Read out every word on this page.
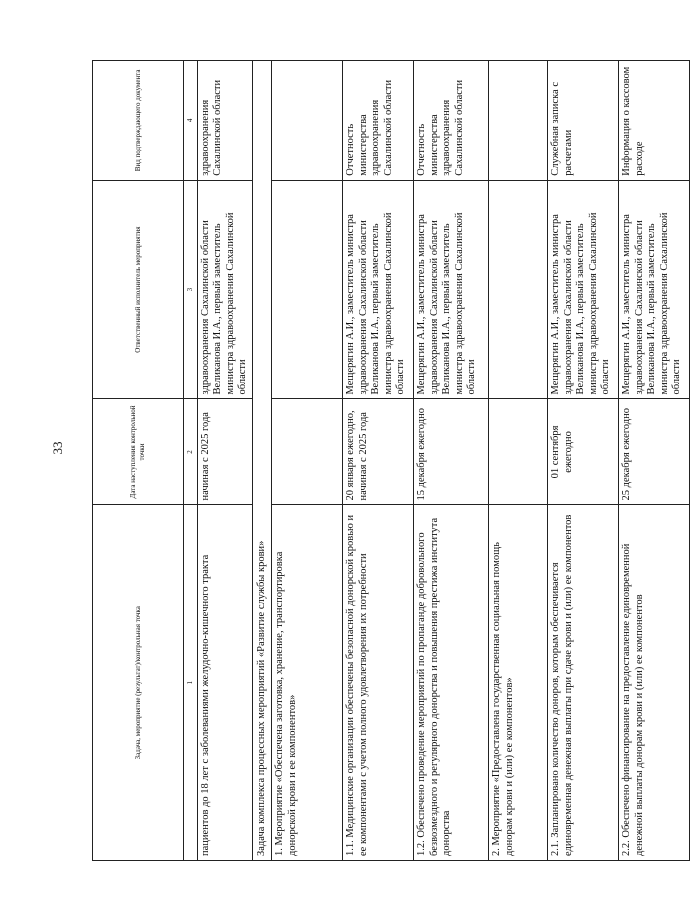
33
Задача, мероприятие (результат)/контрольная точка	Дата наступления контрольной точки	Ответственный исполнитель мероприятия	Вид подтверждающего документа
1	2	3	4
пациентов до 18 лет с заболеваниями желудочно-кишечного тракта	начиная с 2025 года	здравоохранения Сахалинской области Великанова И.А., первый заместитель министра здравоохранения Сахалинской области	здравоохранения Сахалинской области
Задача комплекса процессных мероприятий «Развитие службы крови»			
1. Мероприятие «Обеспечена заготовка, хранение, транспортировка донорской крови и ее компонентов»			
1.1. Медицинские организации обеспечены безопасной донорской кровью и ее компонентами с учетом полного удовлетворения их потребности	20 января ежегодно, начиная с 2025 года	Мещерягин А.И., заместитель министра здравоохранения Сахалинской области Великанова И.А., первый заместитель министра здравоохранения Сахалинской области	Отчетность министерства здравоохранения Сахалинской области
1.2. Обеспечено проведение мероприятий по пропаганде добровольного безвозмездного и регулярного донорства и повышения престижа института донорства	15 декабря ежегодно	Мещерягин А.И., заместитель министра здравоохранения Сахалинской области Великанова И.А., первый заместитель министра здравоохранения Сахалинской области	Отчетность министерства здравоохранения Сахалинской области
2. Мероприятие «Предоставлена государственная социальная помощь донорам крови и (или) ее компонентов»			
2.1. Запланировано количество доноров, которым обеспечивается единовременная денежная выплаты при сдаче крови и (или) ее компонентов	01 сентября ежегодно	Мещерягин А.И., заместитель министра здравоохранения Сахалинской области Великанова И.А., первый заместитель министра здравоохранения Сахалинской области	Служебная записка с расчетами
2.2. Обеспечено финансирование на предоставление единовременной денежной выплаты донорам крови и (или) ее компонентов	25 декабря ежегодно	Мещерягин А.И., заместитель министра здравоохранения Сахалинской области Великанова И.А., первый заместитель министра здравоохранения Сахалинской области	Информация о кассовом расходе
